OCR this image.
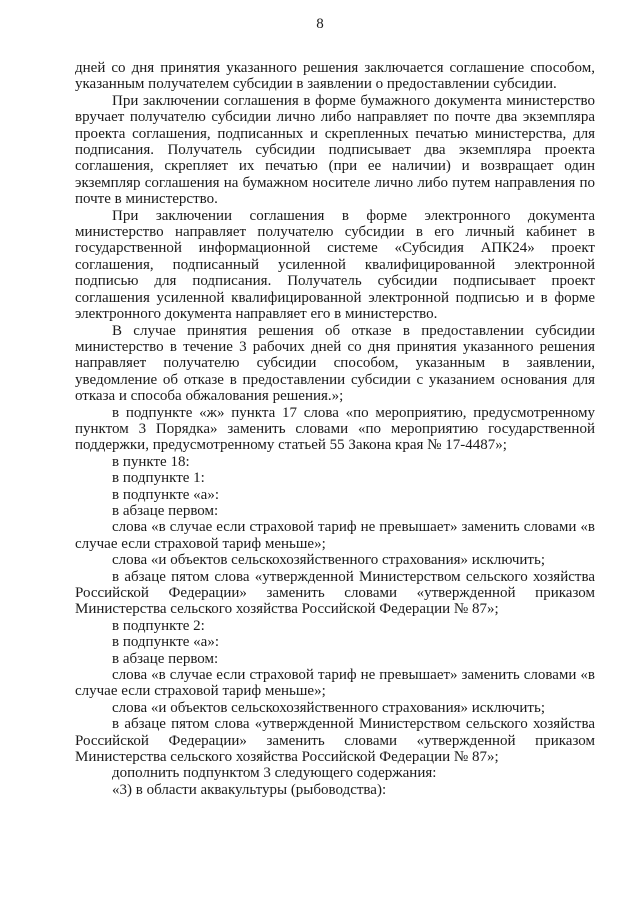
8

дней со дня принятия указанного решения заключается соглашение способом, указанным получателем субсидии в заявлении о предоставлении субсидии.

При заключении соглашения в форме бумажного документа министерство вручает получателю субсидии лично либо направляет по почте два экземпляра проекта соглашения, подписанных и скрепленных печатью министерства, для подписания. Получатель субсидии подписывает два экземпляра проекта соглашения, скрепляет их печатью (при ее наличии) и возвращает один экземпляр соглашения на бумажном носителе лично либо путем направления по почте в министерство.

При заключении соглашения в форме электронного документа министерство направляет получателю субсидии в его личный кабинет в государственной информационной системе «Субсидия АПК24» проект соглашения, подписанный усиленной квалифицированной электронной подписью для подписания. Получатель субсидии подписывает проект соглашения усиленной квалифицированной электронной подписью и в форме электронного документа направляет его в министерство.

В случае принятия решения об отказе в предоставлении субсидии министерство в течение 3 рабочих дней со дня принятия указанного решения направляет получателю субсидии способом, указанным в заявлении, уведомление об отказе в предоставлении субсидии с указанием основания для отказа и способа обжалования решения.»;

в подпункте «ж» пункта 17 слова «по мероприятию, предусмотренному пунктом 3 Порядка» заменить словами «по мероприятию государственной поддержки, предусмотренному статьей 55 Закона края № 17-4487»;

в пункте 18:

в подпункте 1:

в подпункте «а»:

в абзаце первом:

слова «в случае если страховой тариф не превышает» заменить словами «в случае если страховой тариф меньше»;

слова «и объектов сельскохозяйственного страхования» исключить;

в абзаце пятом слова «утвержденной Министерством сельского хозяйства Российской Федерации» заменить словами «утвержденной приказом Министерства сельского хозяйства Российской Федерации № 87»;

в подпункте 2:

в подпункте «а»:

в абзаце первом:

слова «в случае если страховой тариф не превышает» заменить словами «в случае если страховой тариф меньше»;

слова «и объектов сельскохозяйственного страхования» исключить;

в абзаце пятом слова «утвержденной Министерством сельского хозяйства Российской Федерации» заменить словами «утвержденной приказом Министерства сельского хозяйства Российской Федерации № 87»;

дополнить подпунктом 3 следующего содержания:

«3) в области аквакультуры (рыбоводства):
